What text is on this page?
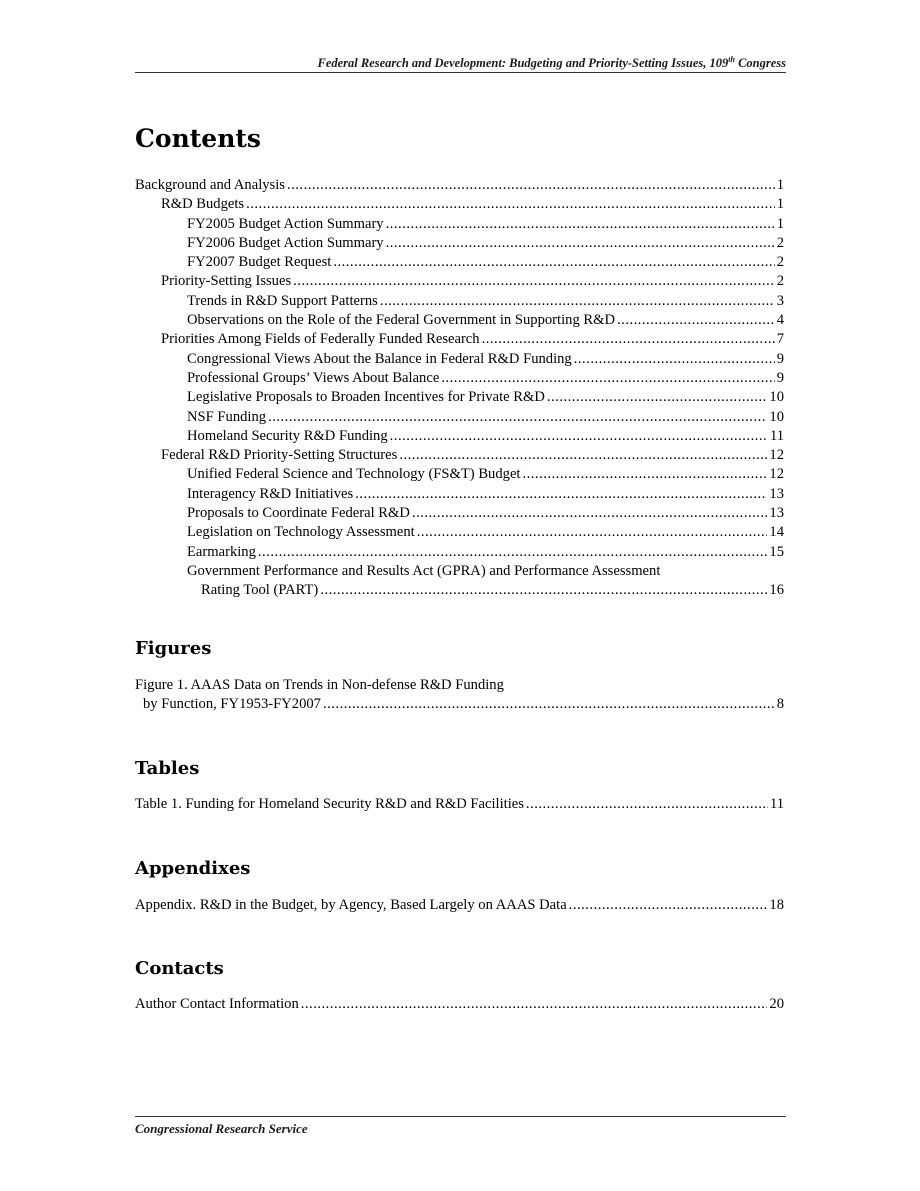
Federal Research and Development: Budgeting and Priority-Setting Issues, 109th Congress
Contents
Background and Analysis .....	1
R&D Budgets .....	1
FY2005 Budget Action Summary .....	1
FY2006 Budget Action Summary .....	2
FY2007 Budget Request .....	2
Priority-Setting Issues .....	2
Trends in R&D Support Patterns .....	3
Observations on the Role of the Federal Government in Supporting R&D .....	4
Priorities Among Fields of Federally Funded Research .....	7
Congressional Views About the Balance in Federal R&D Funding .....	9
Professional Groups’ Views About Balance .....	9
Legislative Proposals to Broaden Incentives for Private R&D .....	10
NSF Funding .....	10
Homeland Security R&D Funding .....	11
Federal R&D Priority-Setting Structures .....	12
Unified Federal Science and Technology (FS&T) Budget .....	12
Interagency R&D Initiatives .....	13
Proposals to Coordinate Federal R&D .....	13
Legislation on Technology Assessment .....	14
Earmarking .....	15
Government Performance and Results Act (GPRA) and Performance Assessment
Rating Tool (PART) .....	16
Figures
Figure 1. AAAS Data on Trends in Non-defense R&D Funding
by Function, FY1953-FY2007 .....	8
Tables
Table 1. Funding for Homeland Security R&D and R&D Facilities .....	11
Appendixes
Appendix. R&D in the Budget, by Agency, Based Largely on AAAS Data .....	18
Contacts
Author Contact Information .....	20
Congressional Research Service
